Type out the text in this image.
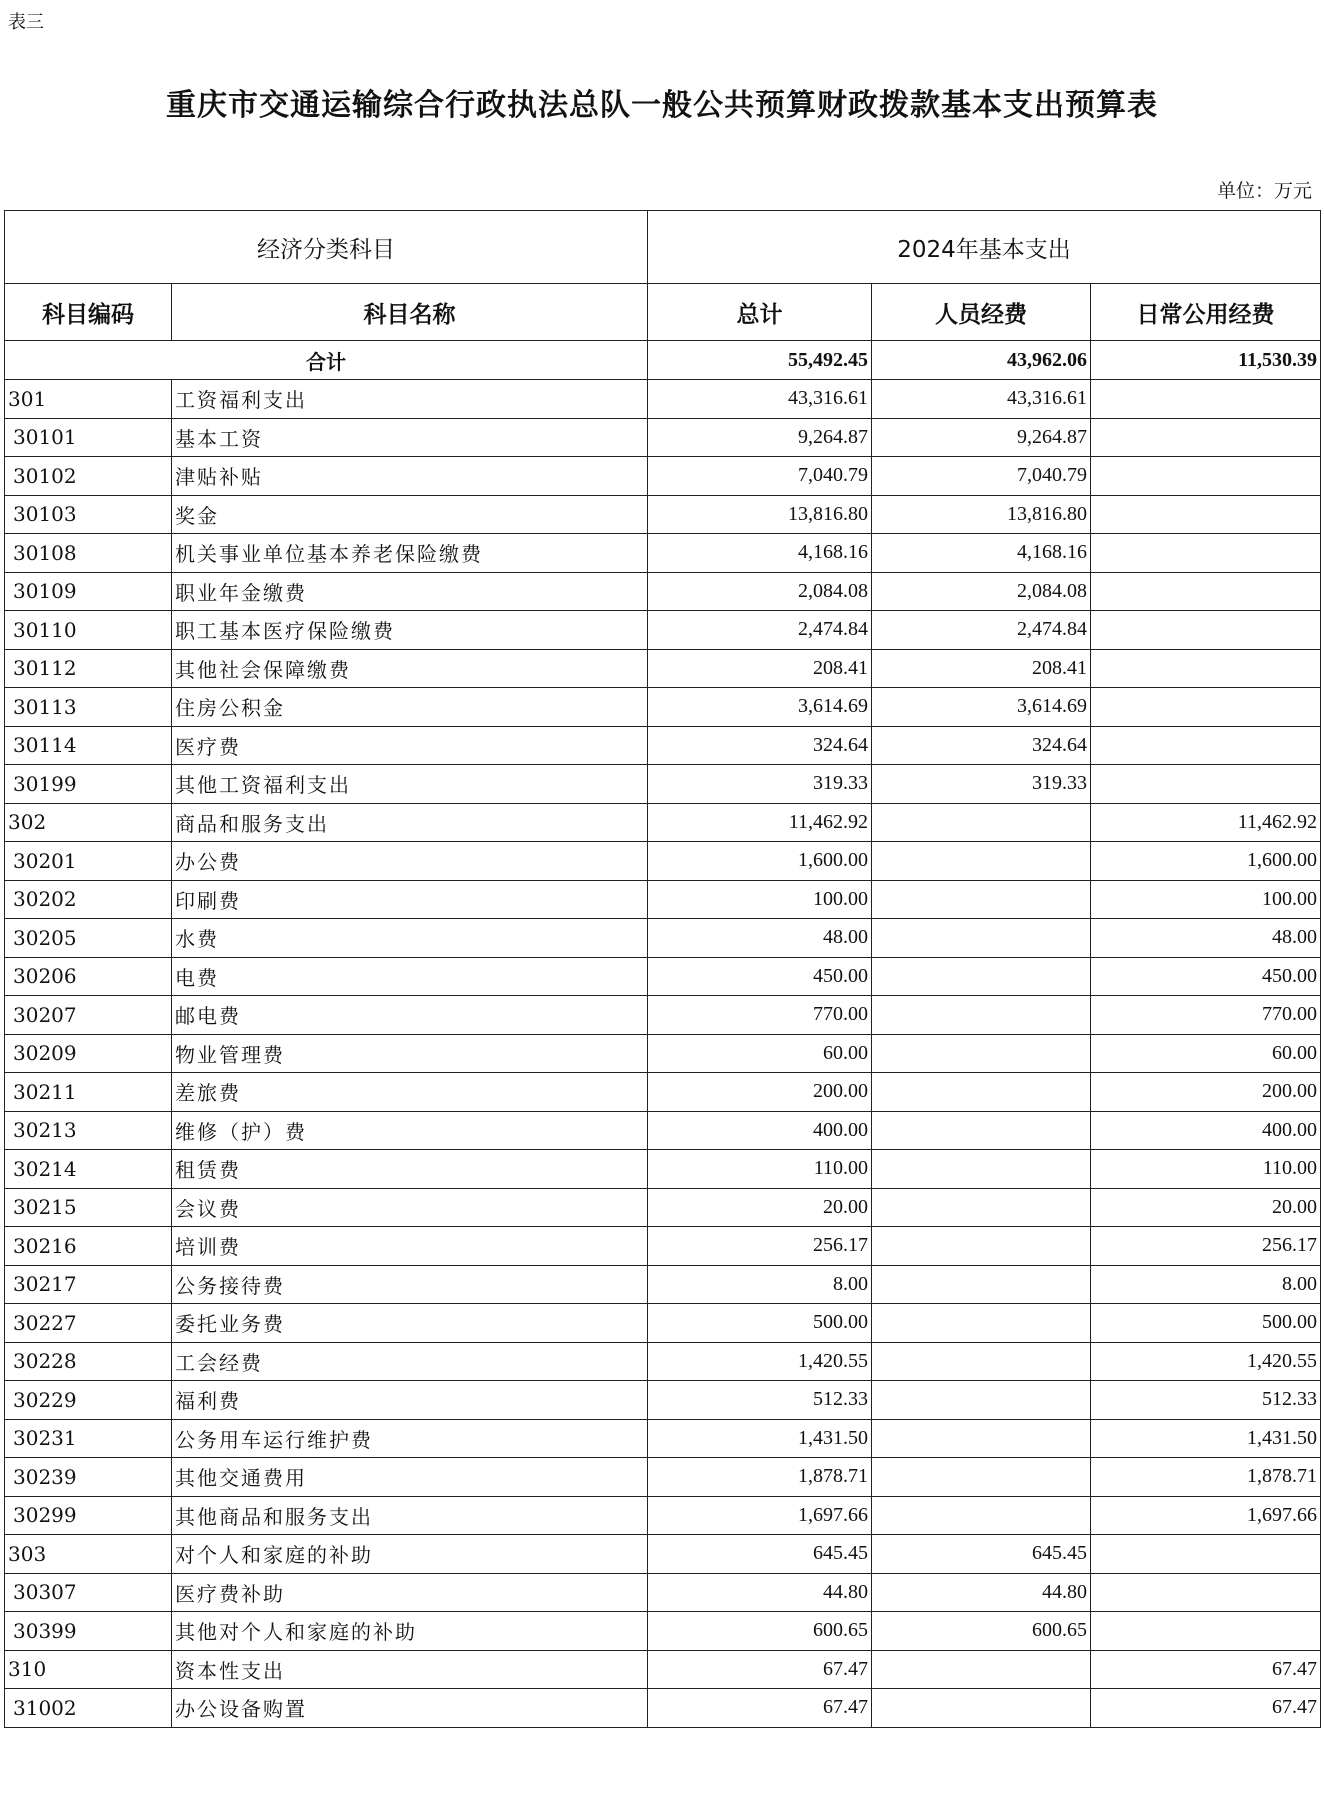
表三
重庆市交通运输综合行政执法总队一般公共预算财政拨款基本支出预算表
单位：万元
经济分类科目		2024年基本支出		
科目编码	科目名称	总计	人员经费	日常公用经费
合计		55,492.45	43,962.06	11,530.39
301	工资福利支出	43,316.61	43,316.61	
30101	基本工资	9,264.87	9,264.87	
30102	津贴补贴	7,040.79	7,040.79	
30103	奖金	13,816.80	13,816.80	
30108	机关事业单位基本养老保险缴费	4,168.16	4,168.16	
30109	职业年金缴费	2,084.08	2,084.08	
30110	职工基本医疗保险缴费	2,474.84	2,474.84	
30112	其他社会保障缴费	208.41	208.41	
30113	住房公积金	3,614.69	3,614.69	
30114	医疗费	324.64	324.64	
30199	其他工资福利支出	319.33	319.33	
302	商品和服务支出	11,462.92		11,462.92
30201	办公费	1,600.00		1,600.00
30202	印刷费	100.00		100.00
30205	水费	48.00		48.00
30206	电费	450.00		450.00
30207	邮电费	770.00		770.00
30209	物业管理费	60.00		60.00
30211	差旅费	200.00		200.00
30213	维修（护）费	400.00		400.00
30214	租赁费	110.00		110.00
30215	会议费	20.00		20.00
30216	培训费	256.17		256.17
30217	公务接待费	8.00		8.00
30227	委托业务费	500.00		500.00
30228	工会经费	1,420.55		1,420.55
30229	福利费	512.33		512.33
30231	公务用车运行维护费	1,431.50		1,431.50
30239	其他交通费用	1,878.71		1,878.71
30299	其他商品和服务支出	1,697.66		1,697.66
303	对个人和家庭的补助	645.45	645.45	
30307	医疗费补助	44.80	44.80	
30399	其他对个人和家庭的补助	600.65	600.65	
310	资本性支出	67.47		67.47
31002	办公设备购置	67.47		67.47
